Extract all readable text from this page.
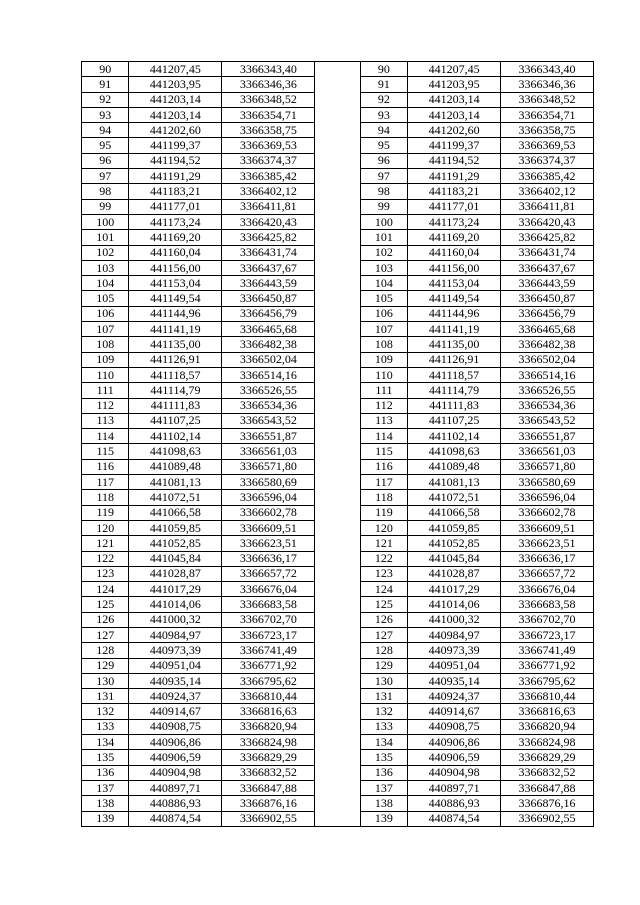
90	441207,45	3366343,40		90	441207,45	3366343,40
91	441203,95	3366346,36		91	441203,95	3366346,36
92	441203,14	3366348,52		92	441203,14	3366348,52
93	441203,14	3366354,71		93	441203,14	3366354,71
94	441202,60	3366358,75		94	441202,60	3366358,75
95	441199,37	3366369,53		95	441199,37	3366369,53
96	441194,52	3366374,37		96	441194,52	3366374,37
97	441191,29	3366385,42		97	441191,29	3366385,42
98	441183,21	3366402,12		98	441183,21	3366402,12
99	441177,01	3366411,81		99	441177,01	3366411,81
100	441173,24	3366420,43		100	441173,24	3366420,43
101	441169,20	3366425,82		101	441169,20	3366425,82
102	441160,04	3366431,74		102	441160,04	3366431,74
103	441156,00	3366437,67		103	441156,00	3366437,67
104	441153,04	3366443,59		104	441153,04	3366443,59
105	441149,54	3366450,87		105	441149,54	3366450,87
106	441144,96	3366456,79		106	441144,96	3366456,79
107	441141,19	3366465,68		107	441141,19	3366465,68
108	441135,00	3366482,38		108	441135,00	3366482,38
109	441126,91	3366502,04		109	441126,91	3366502,04
110	441118,57	3366514,16		110	441118,57	3366514,16
111	441114,79	3366526,55		111	441114,79	3366526,55
112	441111,83	3366534,36		112	441111,83	3366534,36
113	441107,25	3366543,52		113	441107,25	3366543,52
114	441102,14	3366551,87		114	441102,14	3366551,87
115	441098,63	3366561,03		115	441098,63	3366561,03
116	441089,48	3366571,80		116	441089,48	3366571,80
117	441081,13	3366580,69		117	441081,13	3366580,69
118	441072,51	3366596,04		118	441072,51	3366596,04
119	441066,58	3366602,78		119	441066,58	3366602,78
120	441059,85	3366609,51		120	441059,85	3366609,51
121	441052,85	3366623,51		121	441052,85	3366623,51
122	441045,84	3366636,17		122	441045,84	3366636,17
123	441028,87	3366657,72		123	441028,87	3366657,72
124	441017,29	3366676,04		124	441017,29	3366676,04
125	441014,06	3366683,58		125	441014,06	3366683,58
126	441000,32	3366702,70		126	441000,32	3366702,70
127	440984,97	3366723,17		127	440984,97	3366723,17
128	440973,39	3366741,49		128	440973,39	3366741,49
129	440951,04	3366771,92		129	440951,04	3366771,92
130	440935,14	3366795,62		130	440935,14	3366795,62
131	440924,37	3366810,44		131	440924,37	3366810,44
132	440914,67	3366816,63		132	440914,67	3366816,63
133	440908,75	3366820,94		133	440908,75	3366820,94
134	440906,86	3366824,98		134	440906,86	3366824,98
135	440906,59	3366829,29		135	440906,59	3366829,29
136	440904,98	3366832,52		136	440904,98	3366832,52
137	440897,71	3366847,88		137	440897,71	3366847,88
138	440886,93	3366876,16		138	440886,93	3366876,16
139	440874,54	3366902,55		139	440874,54	3366902,55
